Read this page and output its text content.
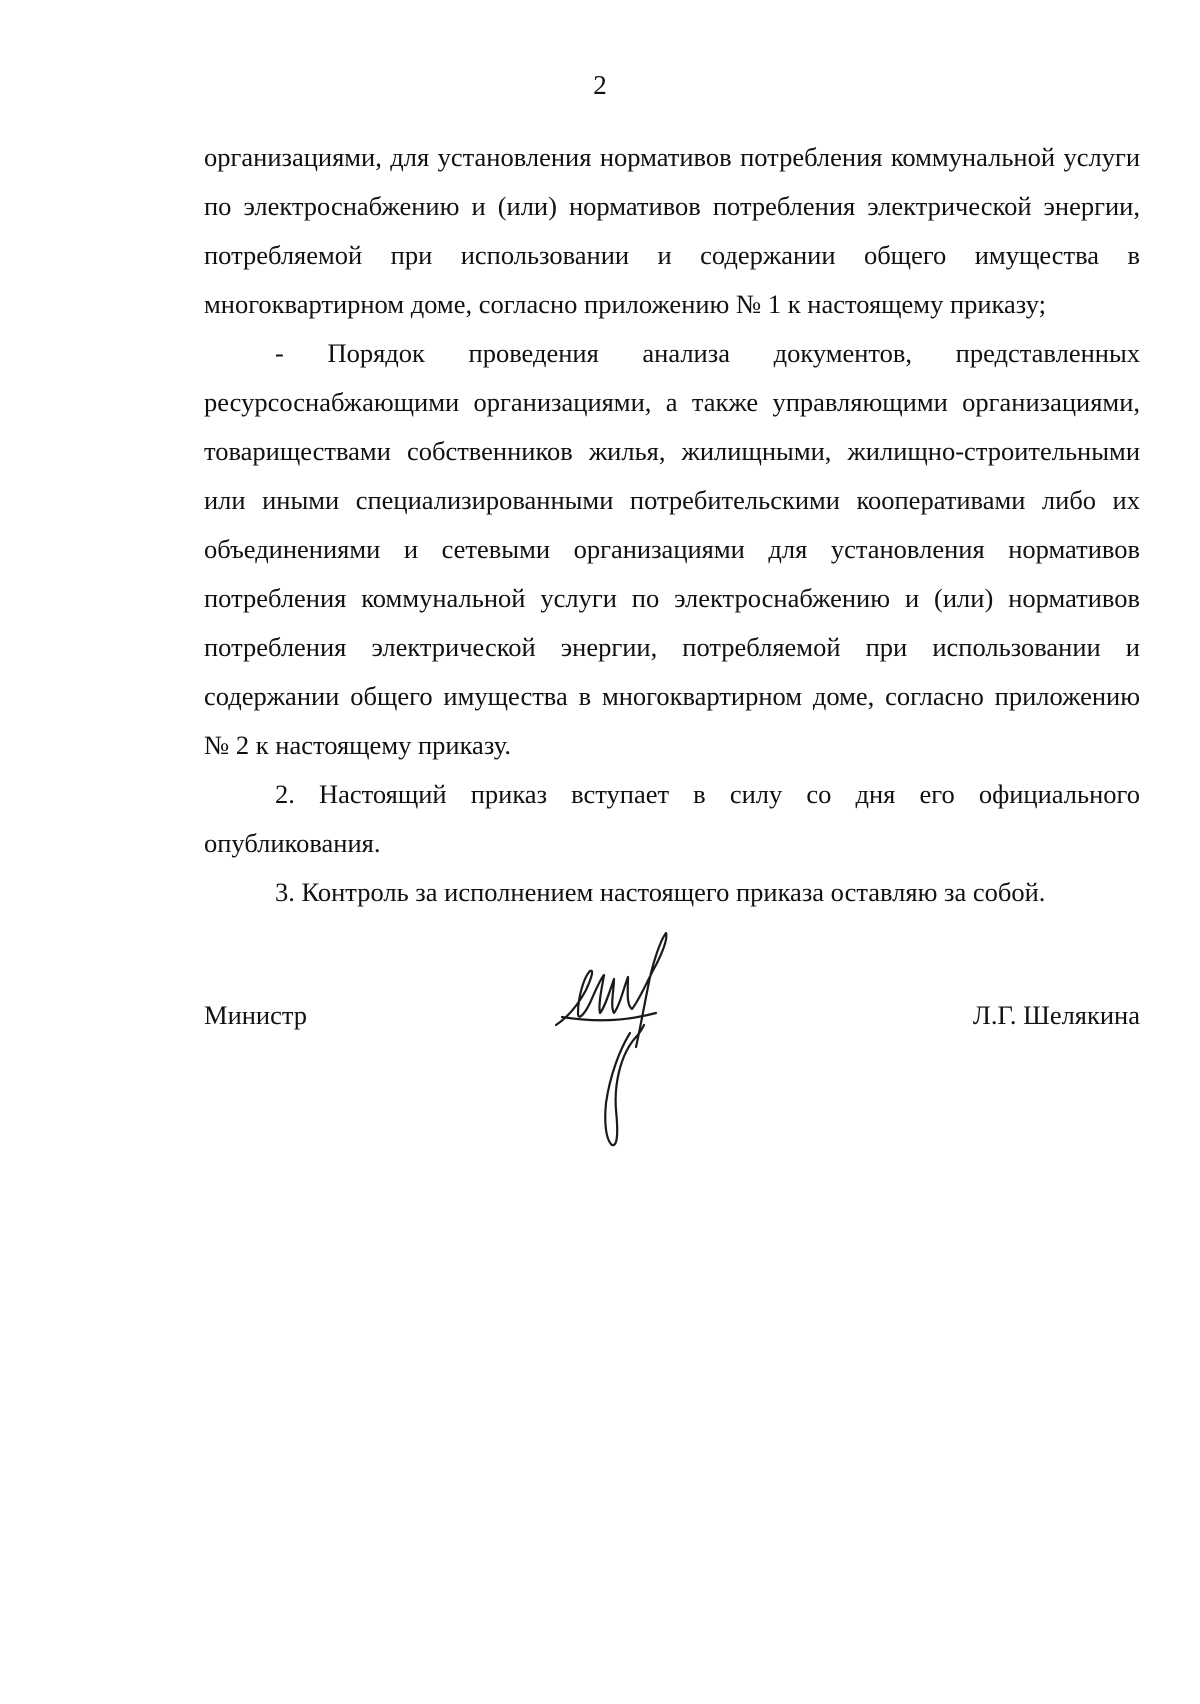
2

организациями, для установления нормативов потребления коммунальной услуги по электроснабжению и (или) нормативов потребления электрической энергии, потребляемой при использовании и содержании общего имущества в многоквартирном доме, согласно приложению № 1 к настоящему приказу;

- Порядок проведения анализа документов, представленных ресурсоснабжающими организациями, а также управляющими организациями, товариществами собственников жилья, жилищными, жилищно-строительными или иными специализированными потребительскими кооперативами либо их объединениями и сетевыми организациями для установления нормативов потребления коммунальной услуги по электроснабжению и (или) нормативов потребления электрической энергии, потребляемой при использовании и содержании общего имущества в многоквартирном доме, согласно приложению № 2 к настоящему приказу.

2. Настоящий приказ вступает в силу со дня его официального опубликования.

3. Контроль за исполнением настоящего приказа оставляю за собой.

Министр	Л.Г. Шелякина
